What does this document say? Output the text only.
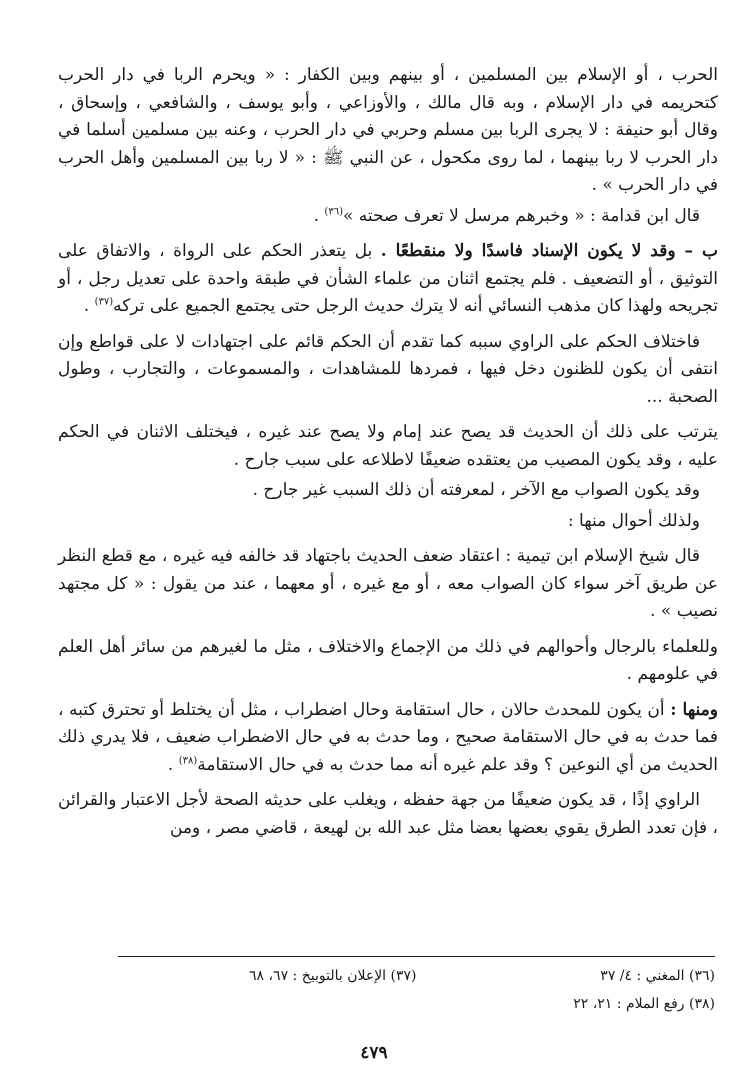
الحرب ، أو الإسلام بين المسلمين ، أو بينهم وبين الكفار : « ويحرم الربا في دار الحرب كتحريمه في دار الإسلام ، وبه قال مالك ، والأوزاعي ، وأبو يوسف ، والشافعي ، وإسحاق ، وقال أبو حنيفة : لا يجرى الربا بين مسلم وحربي في دار الحرب ، وعنه بين مسلمين أسلما في دار الحرب لا ربا بينهما ، لما روى مكحول ، عن النبي ﷺ : « لا ربا بين المسلمين وأهل الحرب في دار الحرب » .

قال ابن قدامة : « وخبرهم مرسل لا تعرف صحته »$^{(٣٦)}$ .

ب – وقد لا يكون الإسناد فاسدًا ولا منقطعًا . بل يتعذر الحكم على الرواة ، والاتفاق على التوثيق ، أو التضعيف . فلم يجتمع اثنان من علماء الشأن في طبقة واحدة على تعديل رجل ، أو تجريحه ولهذا كان مذهب النسائي أنه لا يترك حديث الرجل حتى يجتمع الجميع على تركه$^{(٣٧)}$ .

فاختلاف الحكم على الراوي سببه كما تقدم أن الحكم قائم على اجتهادات لا على قواطع وإن انتفى أن يكون للظنون دخل فيها ، فمردها للمشاهدات ، والمسموعات ، والتجارب ، وطول الصحبة ...

يترتب على ذلك أن الحديث قد يصح عند إمام ولا يصح عند غيره ، فيختلف الاثنان في الحكم عليه ، وقد يكون المصيب من يعتقده ضعيفًا لاطلاعه على سبب جارح .

وقد يكون الصواب مع الآخر ، لمعرفته أن ذلك السبب غير جارح .

ولذلك أحوال منها :

قال شيخ الإسلام ابن تيمية : اعتقاد ضعف الحديث باجتهاد قد خالفه فيه غيره ، مع قطع النظر عن طريق آخر سواء كان الصواب معه ، أو مع غيره ، أو معهما ، عند من يقول : « كل مجتهد نصيب » .

وللعلماء بالرجال وأحوالهم في ذلك من الإجماع والاختلاف ، مثل ما لغيرهم من سائر أهل العلم في علومهم .

ومنها : أن يكون للمحدث حالان ، حال استقامة وحال اضطراب ، مثل أن يختلط أو تحترق كتبه ، فما حدث به في حال الاستقامة صحيح ، وما حدث به في حال الاضطراب ضعيف ، فلا يدري ذلك الحديث من أي النوعين ؟ وقد علم غيره أنه مما حدث به في حال الاستقامة$^{(٣٨)}$ .

الراوي إذًا ، قد يكون ضعيفًا من جهة حفظه ، ويغلب على حديثه الصحة لأجل الاعتبار والقرائن ، فإن تعدد الطرق يقوي بعضها بعضا مثل عبد الله بن لهيعة ، قاضي مصر ، ومن

(٣٦) المغني : ٤/ ٣٧
(٣٧) الإعلان بالتوبيخ : ٦٧، ٦٨
(٣٨) رفع الملام : ٢١، ٢٢
٤٧٩
